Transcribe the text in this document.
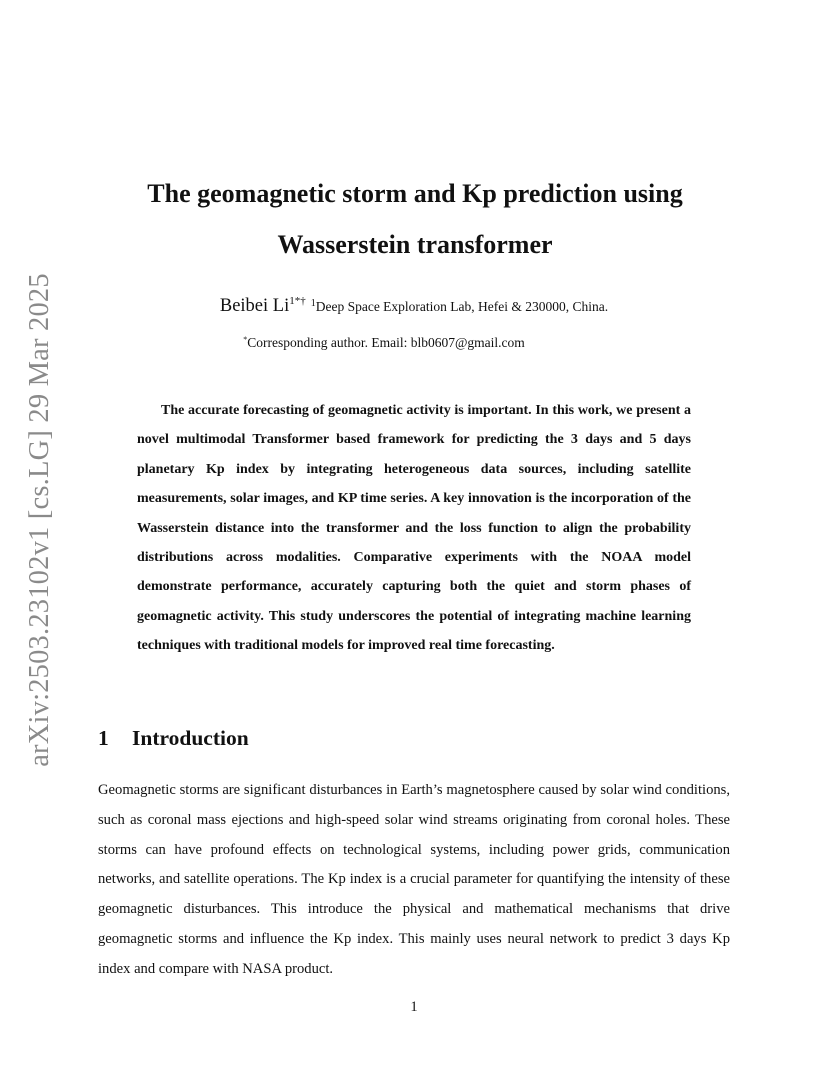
arXiv:2503.23102v1 [cs.LG] 29 Mar 2025
The geomagnetic storm and Kp prediction using
Wasserstein transformer
Beibei $Li^{1*\dagger}$ $^1$Deep Space Exploration Lab, Hefei & 230000, China.
*Corresponding author. Email: blb0607@gmail.com

The accurate forecasting of geomagnetic activity is important. In this work, we present a novel multimodal Transformer based framework for predicting the 3 days and 5 days planetary Kp index by integrating heterogeneous data sources, including satellite measurements, solar images, and KP time series. A key innovation is the incorporation of the Wasserstein distance into the transformer and the loss function to align the probability distributions across modalities. Comparative experiments with the NOAA model demonstrate performance, accurately capturing both the quiet and storm phases of geomagnetic activity. This study underscores the potential of integrating machine learning techniques with traditional models for improved real time forecasting.

1 Introduction

Geomagnetic storms are significant disturbances in Earth’s magnetosphere caused by solar wind conditions, such as coronal mass ejections and high-speed solar wind streams originating from coronal holes. These storms can have profound effects on technological systems, including power grids, communication networks, and satellite operations. The Kp index is a crucial parameter for quantifying the intensity of these geomagnetic disturbances. This introduce the physical and mathematical mechanisms that drive geomagnetic storms and influence the Kp index. This mainly uses neural network to predict 3 days Kp index and compare with NASA product.

1
